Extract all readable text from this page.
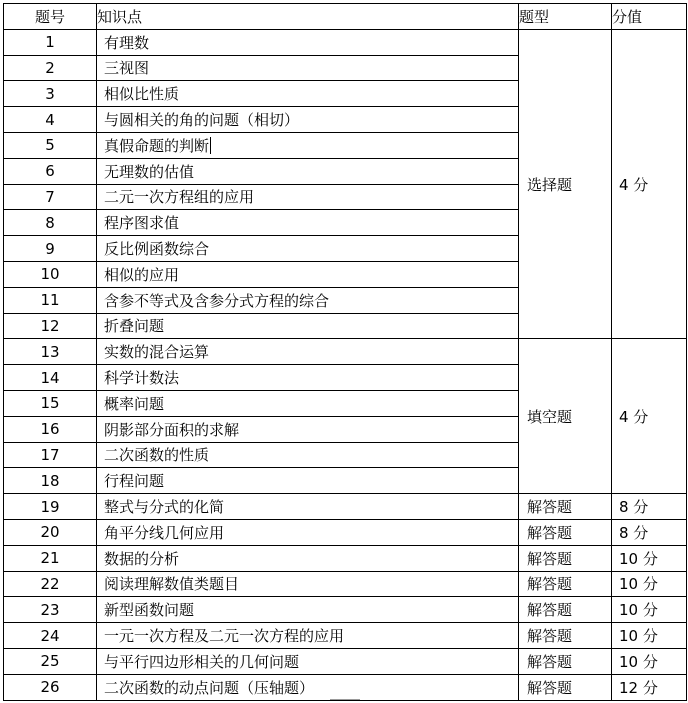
题号	知识点	题型	分值
1	有理数	选择题	4 分
2	三视图		
3	相似比性质		
4	与圆相关的角的问题（相切）		
5	真假命题的判断		
6	无理数的估值		
7	二元一次方程组的应用		
8	程序图求值		
9	反比例函数综合		
10	相似的应用		
11	含参不等式及含参分式方程的综合		
12	折叠问题		
13	实数的混合运算	填空题	4 分
14	科学计数法		
15	概率问题		
16	阴影部分面积的求解		
17	二次函数的性质		
18	行程问题		
19	整式与分式的化简	解答题	8 分
20	角平分线几何应用	解答题	8 分
21	数据的分析	解答题	10 分
22	阅读理解数值类题目	解答题	10 分
23	新型函数问题	解答题	10 分
24	一元一次方程及二元一次方程的应用	解答题	10 分
25	与平行四边形相关的几何问题	解答题	10 分
26	二次函数的动点问题（压轴题）	解答题	12 分
